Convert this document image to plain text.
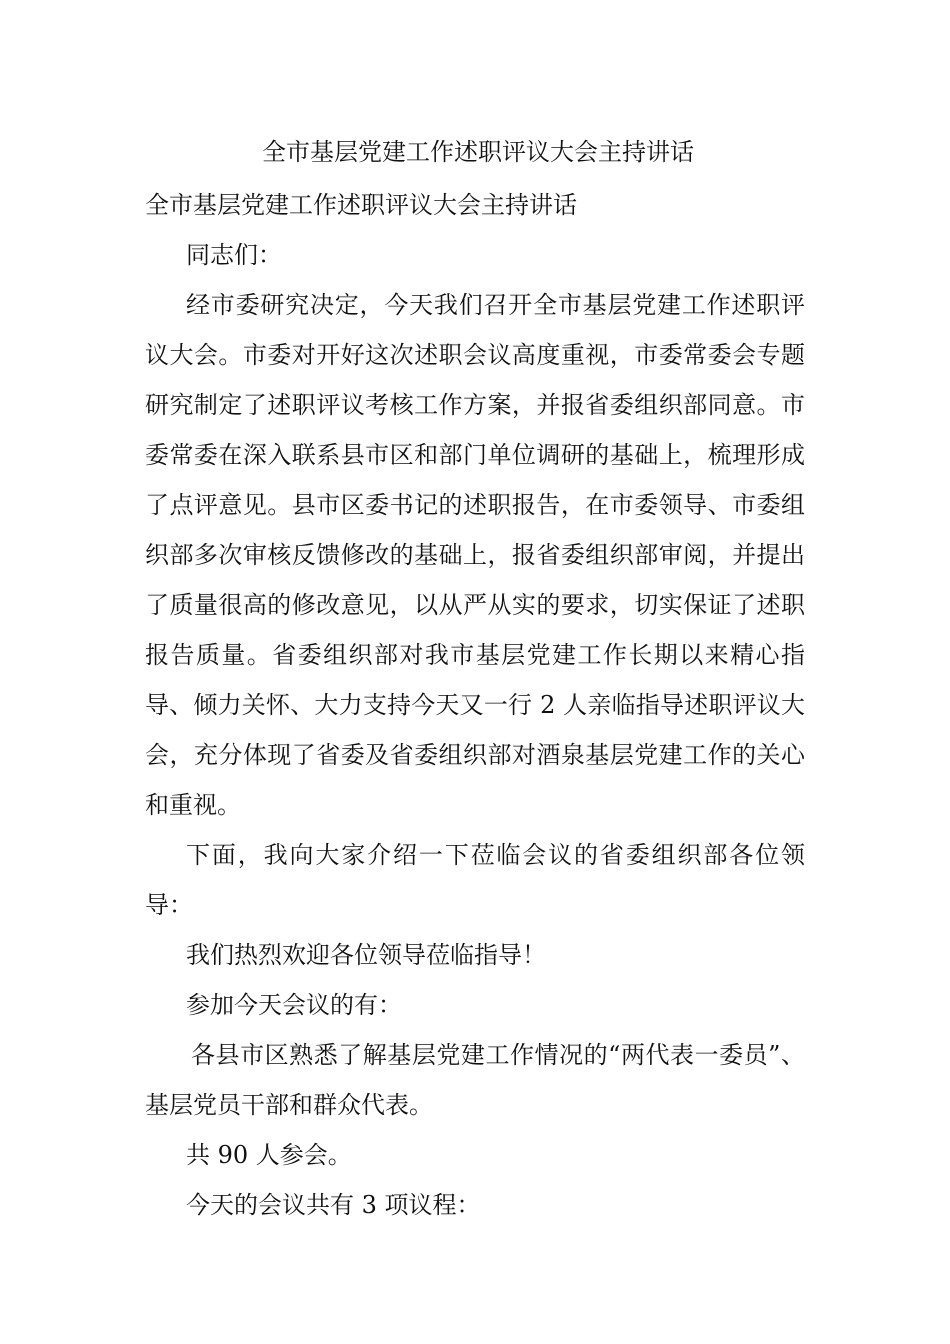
全市基层党建工作述职评议大会主持讲话

全市基层党建工作述职评议大会主持讲话

同志们：

经市委研究决定，今天我们召开全市基层党建工作述职评议大会。市委对开好这次述职会议高度重视，市委常委会专题研究制定了述职评议考核工作方案，并报省委组织部同意。市委常委在深入联系县市区和部门单位调研的基础上，梳理形成了点评意见。县市区委书记的述职报告，在市委领导、市委组织部多次审核反馈修改的基础上，报省委组织部审阅，并提出了质量很高的修改意见，以从严从实的要求，切实保证了述职报告质量。省委组织部对我市基层党建工作长期以来精心指导、倾力关怀、大力支持今天又一行 2 人亲临指导述职评议大会，充分体现了省委及省委组织部对酒泉基层党建工作的关心和重视。

下面，我向大家介绍一下莅临会议的省委组织部各位领导：

我们热烈欢迎各位领导莅临指导！

参加今天会议的有：

各县市区熟悉了解基层党建工作情况的“两代表一委员”、基层党员干部和群众代表。

共 90 人参会。

今天的会议共有 3 项议程：
